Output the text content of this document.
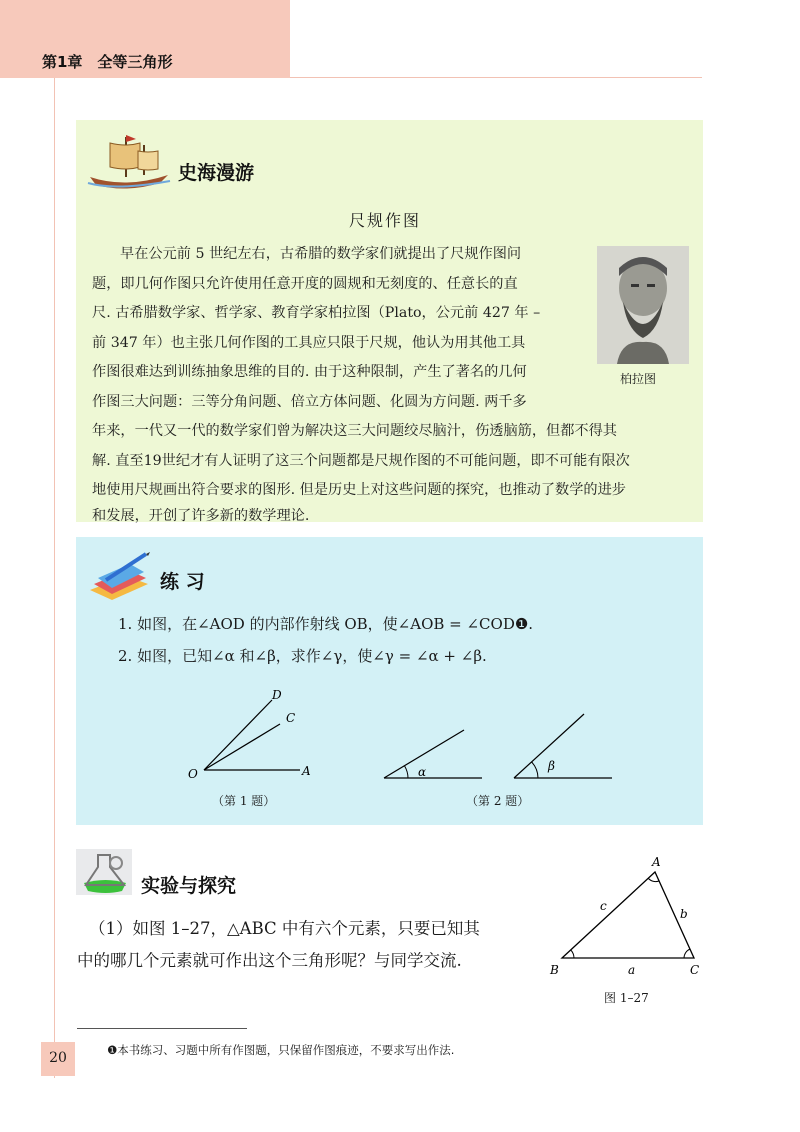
第1章　全等三角形
史海漫游
尺规作图
早在公元前 5 世纪左右，古希腊的数学家们就提出了尺规作图问
题，即几何作图只允许使用任意开度的圆规和无刻度的、任意长的直
尺. 古希腊数学家、哲学家、教育学家柏拉图（Plato，公元前 427 年 –
前 347 年）也主张几何作图的工具应只限于尺规，他认为用其他工具
作图很难达到训练抽象思维的目的. 由于这种限制，产生了著名的几何
作图三大问题：三等分角问题、倍立方体问题、化圆为方问题. 两千多
年来，一代又一代的数学家们曾为解决这三大问题绞尽脑汁，伤透脑筋，但都不得其
解. 直至19世纪才有人证明了这三个问题都是尺规作图的不可能问题，即不可能有限次
地使用尺规画出符合要求的图形. 但是历史上对这些问题的探究，也推动了数学的进步
和发展，开创了许多新的数学理论.
柏拉图
练 习
1. 如图，在∠AOD 的内部作射线 OB，使∠AOB = ∠COD❶.
2. 如图，已知∠α 和∠β，求作∠γ，使∠γ = ∠α + ∠β.
D
C
O	A	α	β
（第 1 题）	（第 2 题）
实验与探究
（1）如图 1–27，△ABC 中有六个元素，只要已知其
中的哪几个元素就可作出这个三角形呢？与同学交流.
A
B	C
a
b
c
图 1–27
❶本书练习、习题中所有作图题，只保留作图痕迹，不要求写出作法.
20
